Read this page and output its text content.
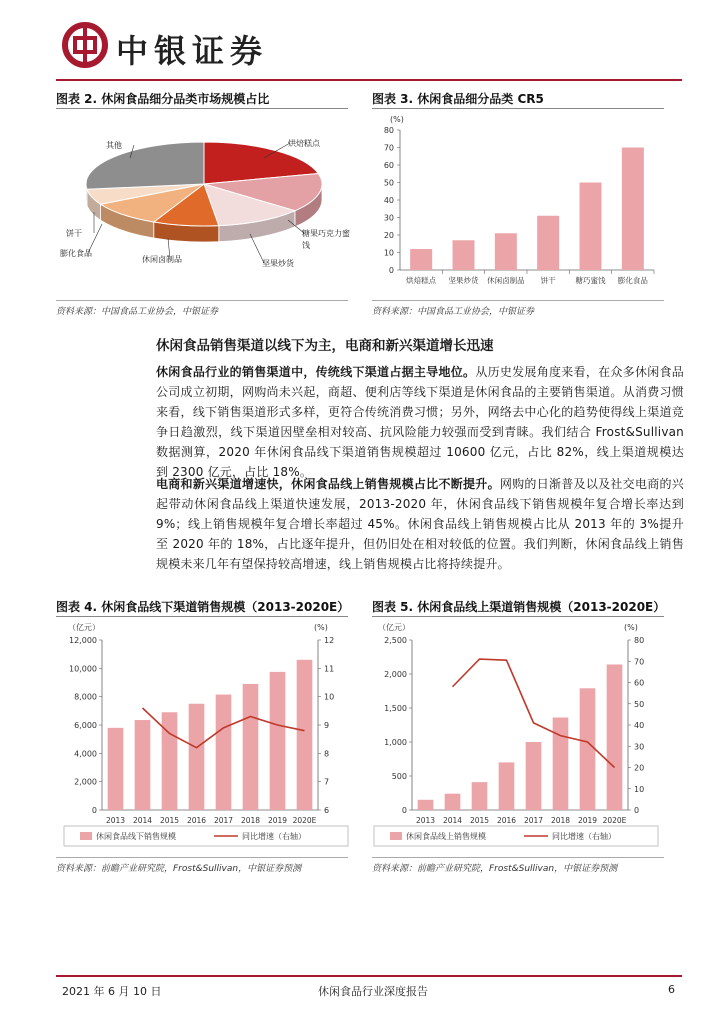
中银证券
图表 2. 休闲食品细分品类市场规模占比
烘焙糕点
糖果巧克力蜜
饯
坚果炒货
休闲卤制品
膨化食品
饼干
其他
资料来源：中国食品工业协会，中银证券
图表 3. 休闲食品细分品类 CR5
(%)
0
10
20
30
40
50
60
70
80
烘焙糕点 坚果炒货 休闲卤制品 饼干	糖巧蜜饯 膨化食品
资料来源：中国食品工业协会，中银证券
休闲食品销售渠道以线下为主，电商和新兴渠道增长迅速
休闲食品行业的销售渠道中，传统线下渠道占据主导地位。从历史发展角度来看，在众多休闲食品公司成立初期，网购尚未兴起，商超、便利店等线下渠道是休闲食品的主要销售渠道。从消费习惯来看，线下销售渠道形式多样，更符合传统消费习惯；另外，网络去中心化的趋势使得线上渠道竞争日趋激烈，线下渠道因壁垒相对较高、抗风险能力较强而受到青睐。我们结合 Frost&Sullivan 数据测算，2020 年休闲食品线下渠道销售规模超过 10600 亿元，占比 82%，线上渠道规模达到 2300 亿元，占比 18%。
电商和新兴渠道增速快，休闲食品线上销售规模占比不断提升。网购的日渐普及以及社交电商的兴起带动休闲食品线上渠道快速发展，2013-2020 年，休闲食品线下销售规模年复合增长率达到 9%；线上销售规模年复合增长率超过 45%。休闲食品线上销售规模占比从 2013 年的 3%提升至 2020 年的 18%，占比逐年提升，但仍旧处在相对较低的位置。我们判断，休闲食品线上销售规模未来几年有望保持较高增速，线上销售规模占比将持续提升。
图表 4. 休闲食品线下渠道销售规模（2013-2020E）
（亿元）	(%)
0
2,000
4,000
6,000
8,000
10,000
12,000
6
7
8
9
10
11
12
2013 2014 2015 2016 2017 2018 2019 2020E
休闲食品线下销售规模	同比增速（右轴）
资料来源：前瞻产业研究院，Frost&Sullivan，中银证券预测
图表 5. 休闲食品线上渠道销售规模（2013-2020E）
（亿元）	(%)
0
500
1,000
1,500
2,000
2,500
0
10
20
30
40
50
60
70
80
2013 2014 2015 2016 2017 2018 2019 2020E
休闲食品线上销售规模	同比增速（右轴）
资料来源：前瞻产业研究院，Frost&Sullivan，中银证券预测
2021 年 6 月 10 日	休闲食品行业深度报告	6
